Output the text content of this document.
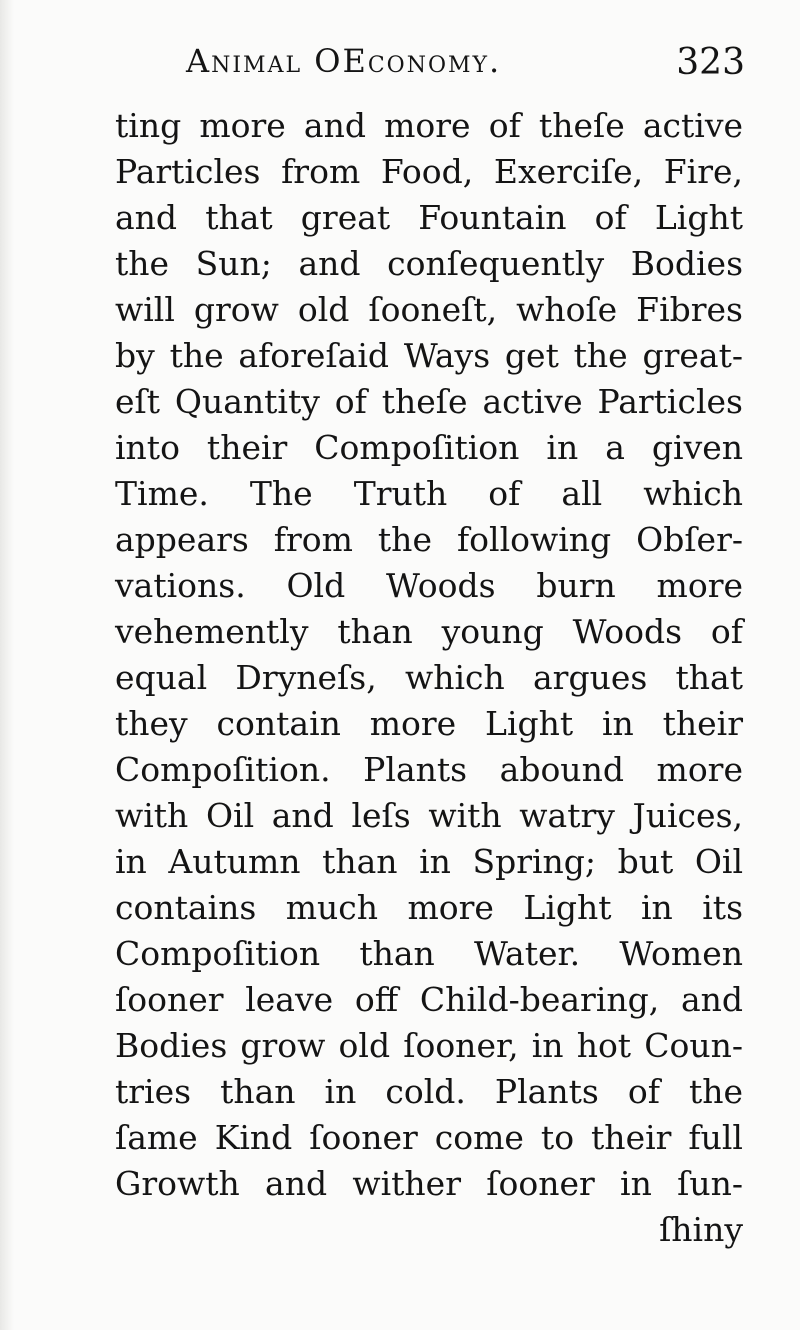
Animal OEconomy.	323
ting more and more of theſe active
Particles from Food, Exerciſe, Fire,
and that great Fountain of Light
the Sun; and conſequently Bodies
will grow old ſooneſt, whoſe Fibres
by the aforeſaid Ways get the great-
eſt Quantity of theſe active Particles
into their Compoſition in a given
Time. The Truth of all which
appears from the following Obſer-
vations. Old Woods burn more
vehemently than young Woods of
equal Dryneſs, which argues that
they contain more Light in their
Compoſition. Plants abound more
with Oil and leſs with watry Juices,
in Autumn than in Spring; but Oil
contains much more Light in its
Compoſition than Water. Women
ſooner leave off Child-bearing, and
Bodies grow old ſooner, in hot Coun-
tries than in cold. Plants of the
ſame Kind ſooner come to their full
Growth and wither ſooner in ſun-
ſhiny
